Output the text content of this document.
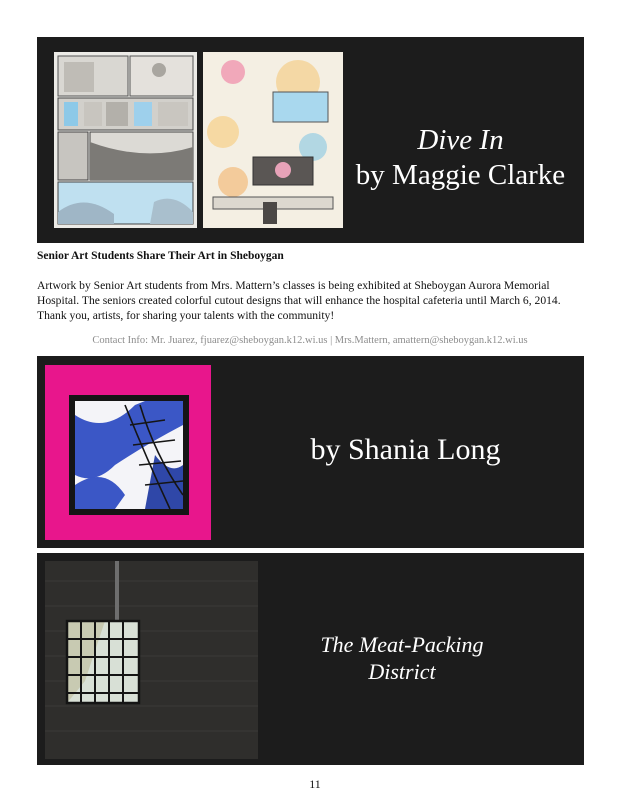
Dive In
by Maggie Clarke
Senior Art Students Share Their Art in Sheboygan
Artwork by Senior Art students from Mrs. Mattern’s classes is being exhibited at Sheboygan Aurora Memorial Hospital. The seniors created colorful cutout designs that will enhance the hospital cafeteria until March 6, 2014. Thank you, artists, for sharing your talents with the community!
Contact Info: Mr. Juarez, fjuarez@sheboygan.k12.wi.us | Mrs.Mattern, amattern@sheboygan.k12.wi.us
by Shania Long
The Meat-Packing
District
11
